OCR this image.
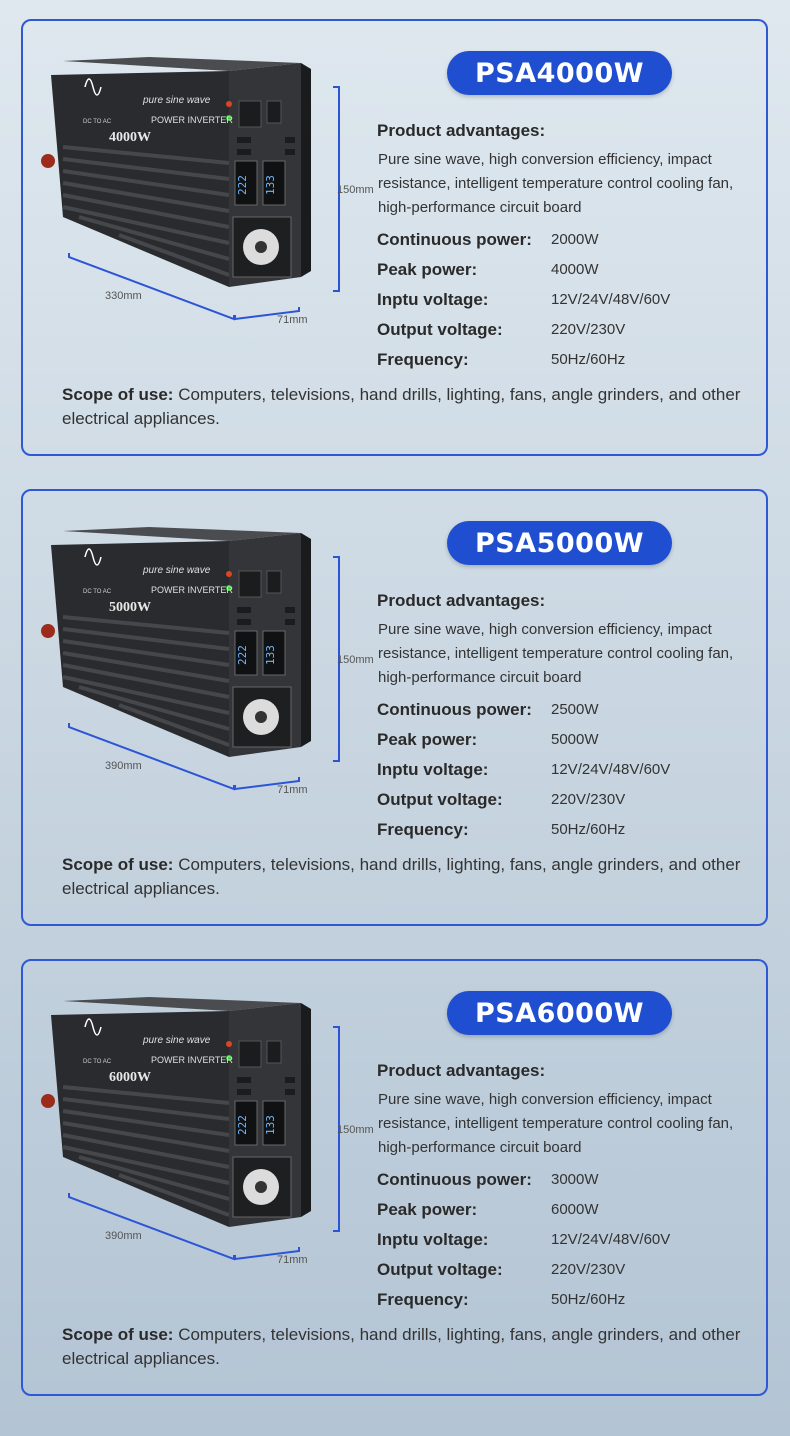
222 133
4000W
pure sine wave
POWER INVERTER
DC TO AC
150mm
330mm
71mm
PSA4000W
Product advantages:
Pure sine wave, high conversion efficiency, impact resistance, intelligent temperature control cooling fan, high-performance circuit board
Continuous power: 2000W
Peak power:	4000W
Inptu voltage:	12V/24V/48V/60V
Output voltage:	220V/230V
Frequency:	50Hz/60Hz
Scope of use: Computers, televisions, hand drills, lighting, fans, angle grinders, and other electrical appliances.
222 133
5000W
pure sine wave
POWER INVERTER
DC TO AC
150mm
390mm
71mm
PSA5000W
Product advantages:
Pure sine wave, high conversion efficiency, impact resistance, intelligent temperature control cooling fan, high-performance circuit board
Continuous power: 2500W
Peak power:	5000W
Inptu voltage:	12V/24V/48V/60V
Output voltage:	220V/230V
Frequency:	50Hz/60Hz
Scope of use: Computers, televisions, hand drills, lighting, fans, angle grinders, and other electrical appliances.
222 133
6000W
pure sine wave
POWER INVERTER
DC TO AC
150mm
390mm
71mm
PSA6000W
Product advantages:
Pure sine wave, high conversion efficiency, impact resistance, intelligent temperature control cooling fan, high-performance circuit board
Continuous power: 3000W
Peak power:	6000W
Inptu voltage:	12V/24V/48V/60V
Output voltage:	220V/230V
Frequency:	50Hz/60Hz
Scope of use: Computers, televisions, hand drills, lighting, fans, angle grinders, and other electrical appliances.
